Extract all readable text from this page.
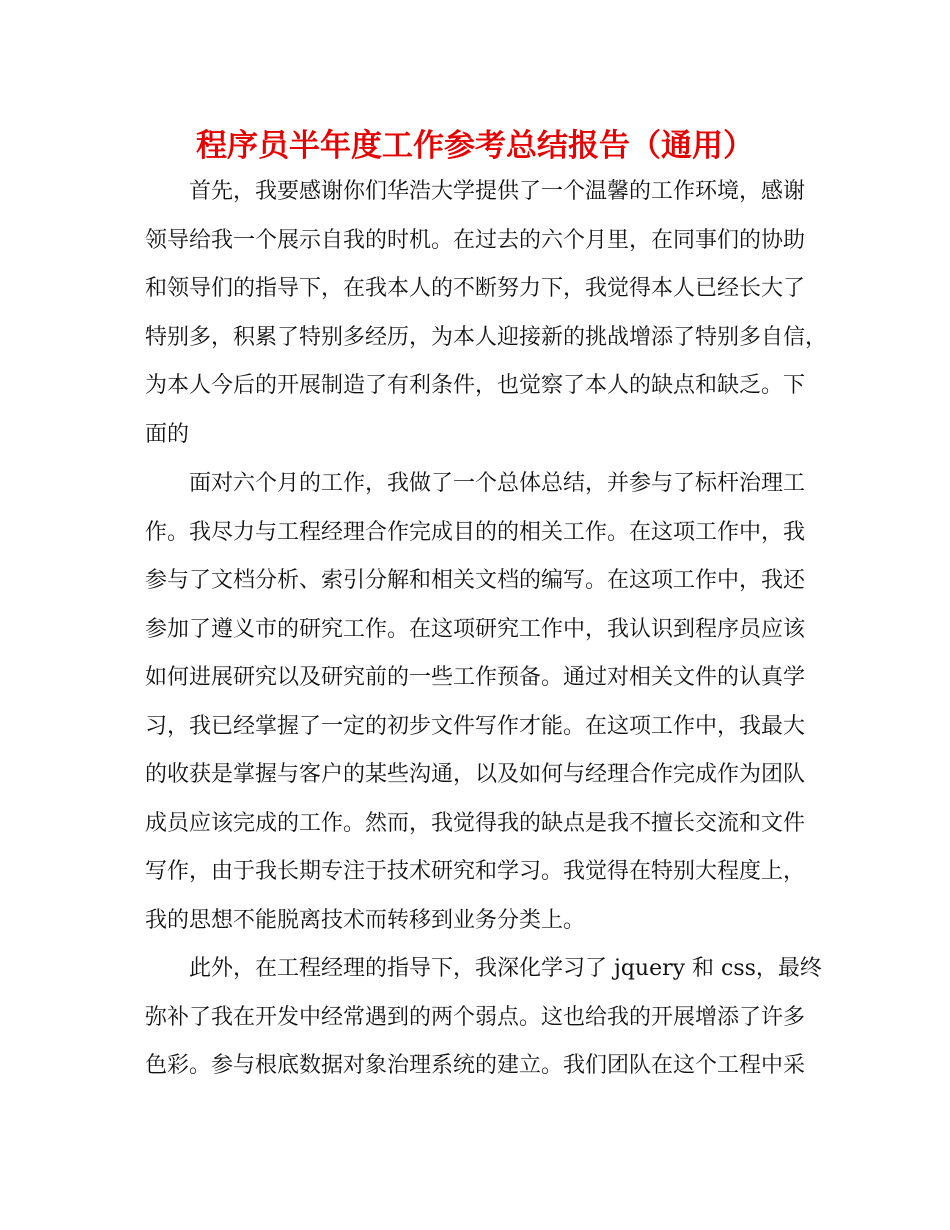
程序员半年度工作参考总结报告（通用）
首先，我要感谢你们华浩大学提供了一个温馨的工作环境，感谢
领导给我一个展示自我的时机。在过去的六个月里，在同事们的协助
和领导们的指导下，在我本人的不断努力下，我觉得本人已经长大了
特别多，积累了特别多经历，为本人迎接新的挑战增添了特别多自信，
为本人今后的开展制造了有利条件，也觉察了本人的缺点和缺乏。下
面的
面对六个月的工作，我做了一个总体总结，并参与了标杆治理工
作。我尽力与工程经理合作完成目的的相关工作。在这项工作中，我
参与了文档分析、索引分解和相关文档的编写。在这项工作中，我还
参加了遵义市的研究工作。在这项研究工作中，我认识到程序员应该
如何进展研究以及研究前的一些工作预备。通过对相关文件的认真学
习，我已经掌握了一定的初步文件写作才能。在这项工作中，我最大
的收获是掌握与客户的某些沟通，以及如何与经理合作完成作为团队
成员应该完成的工作。然而，我觉得我的缺点是我不擅长交流和文件
写作，由于我长期专注于技术研究和学习。我觉得在特别大程度上，
我的思想不能脱离技术而转移到业务分类上。
此外，在工程经理的指导下，我深化学习了 jquery 和 css，最终
弥补了我在开发中经常遇到的两个弱点。这也给我的开展增添了许多
色彩。参与根底数据对象治理系统的建立。我们团队在这个工程中采
